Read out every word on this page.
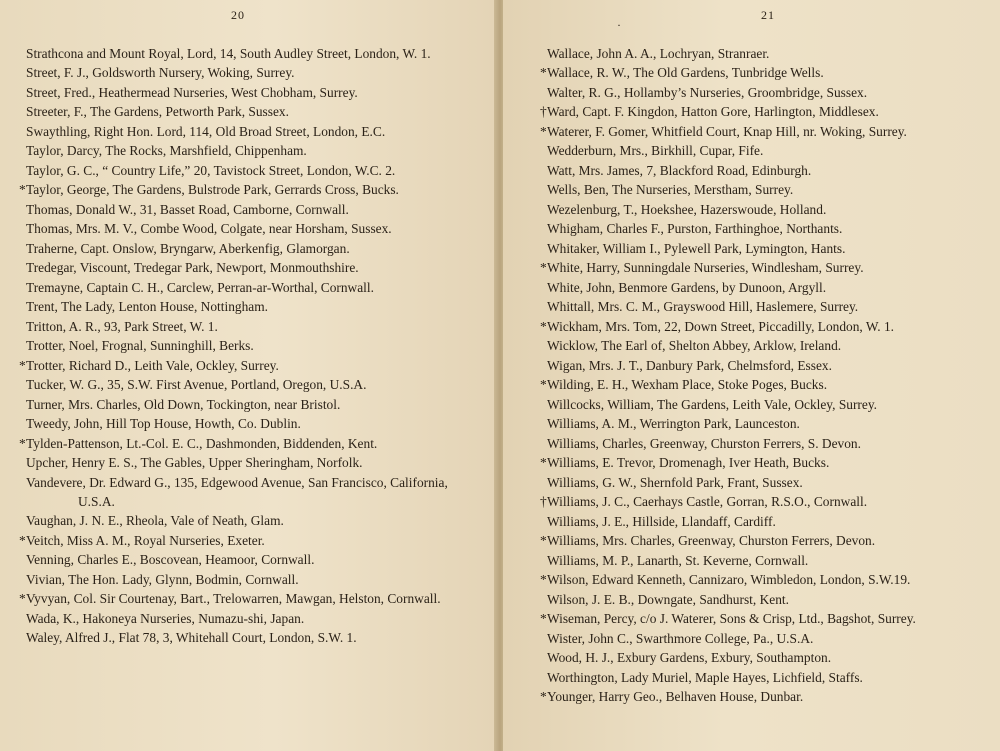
20
Strathcona and Mount Royal, Lord, 14, South Audley Street, London, W. 1.
Street, F. J., Goldsworth Nursery, Woking, Surrey.
Street, Fred., Heathermead Nurseries, West Chobham, Surrey.
Streeter, F., The Gardens, Petworth Park, Sussex.
Swaythling, Right Hon. Lord, 114, Old Broad Street, London, E.C.
Taylor, Darcy, The Rocks, Marshfield, Chippenham.
Taylor, G. C., “ Country Life,” 20, Tavistock Street, London, W.C. 2.
*Taylor, George, The Gardens, Bulstrode Park, Gerrards Cross, Bucks.
Thomas, Donald W., 31, Basset Road, Camborne, Cornwall.
Thomas, Mrs. M. V., Combe Wood, Colgate, near Horsham, Sussex.
Traherne, Capt. Onslow, Bryngarw, Aberkenfig, Glamorgan.
Tredegar, Viscount, Tredegar Park, Newport, Monmouthshire.
Tremayne, Captain C. H., Carclew, Perran-ar-Worthal, Cornwall.
Trent, The Lady, Lenton House, Nottingham.
Tritton, A. R., 93, Park Street, W. 1.
Trotter, Noel, Frognal, Sunninghill, Berks.
*Trotter, Richard D., Leith Vale, Ockley, Surrey.
Tucker, W. G., 35, S.W. First Avenue, Portland, Oregon, U.S.A.
Turner, Mrs. Charles, Old Down, Tockington, near Bristol.
Tweedy, John, Hill Top House, Howth, Co. Dublin.
*Tylden-Pattenson, Lt.-Col. E. C., Dashmonden, Biddenden, Kent.
Upcher, Henry E. S., The Gables, Upper Sheringham, Norfolk.
Vandevere, Dr. Edward G., 135, Edgewood Avenue, San Francisco, California, U.S.A.
Vaughan, J. N. E., Rheola, Vale of Neath, Glam.
*Veitch, Miss A. M., Royal Nurseries, Exeter.
Venning, Charles E., Boscovean, Heamoor, Cornwall.
Vivian, The Hon. Lady, Glynn, Bodmin, Cornwall.
*Vyvyan, Col. Sir Courtenay, Bart., Trelowarren, Mawgan, Helston, Cornwall.
Wada, K., Hakoneya Nurseries, Numazu-shi, Japan.
Waley, Alfred J., Flat 78, 3, Whitehall Court, London, S.W. 1.
21
Wallace, John A. A., Lochryan, Stranraer.
*Wallace, R. W., The Old Gardens, Tunbridge Wells.
Walter, R. G., Hollamby’s Nurseries, Groombridge, Sussex.
†Ward, Capt. F. Kingdon, Hatton Gore, Harlington, Middlesex.
*Waterer, F. Gomer, Whitfield Court, Knap Hill, nr. Woking, Surrey.
Wedderburn, Mrs., Birkhill, Cupar, Fife.
Watt, Mrs. James, 7, Blackford Road, Edinburgh.
Wells, Ben, The Nurseries, Merstham, Surrey.
Wezelenburg, T., Hoekshee, Hazerswoude, Holland.
Whigham, Charles F., Purston, Farthinghoe, Northants.
Whitaker, William I., Pylewell Park, Lymington, Hants.
*White, Harry, Sunningdale Nurseries, Windlesham, Surrey.
White, John, Benmore Gardens, by Dunoon, Argyll.
Whittall, Mrs. C. M., Grayswood Hill, Haslemere, Surrey.
*Wickham, Mrs. Tom, 22, Down Street, Piccadilly, London, W. 1.
Wicklow, The Earl of, Shelton Abbey, Arklow, Ireland.
Wigan, Mrs. J. T., Danbury Park, Chelmsford, Essex.
*Wilding, E. H., Wexham Place, Stoke Poges, Bucks.
Willcocks, William, The Gardens, Leith Vale, Ockley, Surrey.
Williams, A. M., Werrington Park, Launceston.
Williams, Charles, Greenway, Churston Ferrers, S. Devon.
*Williams, E. Trevor, Dromenagh, Iver Heath, Bucks.
Williams, G. W., Shernfold Park, Frant, Sussex.
†Williams, J. C., Caerhays Castle, Gorran, R.S.O., Cornwall.
Williams, J. E., Hillside, Llandaff, Cardiff.
*Williams, Mrs. Charles, Greenway, Churston Ferrers, Devon.
Williams, M. P., Lanarth, St. Keverne, Cornwall.
*Wilson, Edward Kenneth, Cannizaro, Wimbledon, London, S.W.19.
Wilson, J. E. B., Downgate, Sandhurst, Kent.
*Wiseman, Percy, c/o J. Waterer, Sons & Crisp, Ltd., Bagshot, Surrey.
Wister, John C., Swarthmore College, Pa., U.S.A.
Wood, H. J., Exbury Gardens, Exbury, Southampton.
Worthington, Lady Muriel, Maple Hayes, Lichfield, Staffs.
*Younger, Harry Geo., Belhaven House, Dunbar.
·
